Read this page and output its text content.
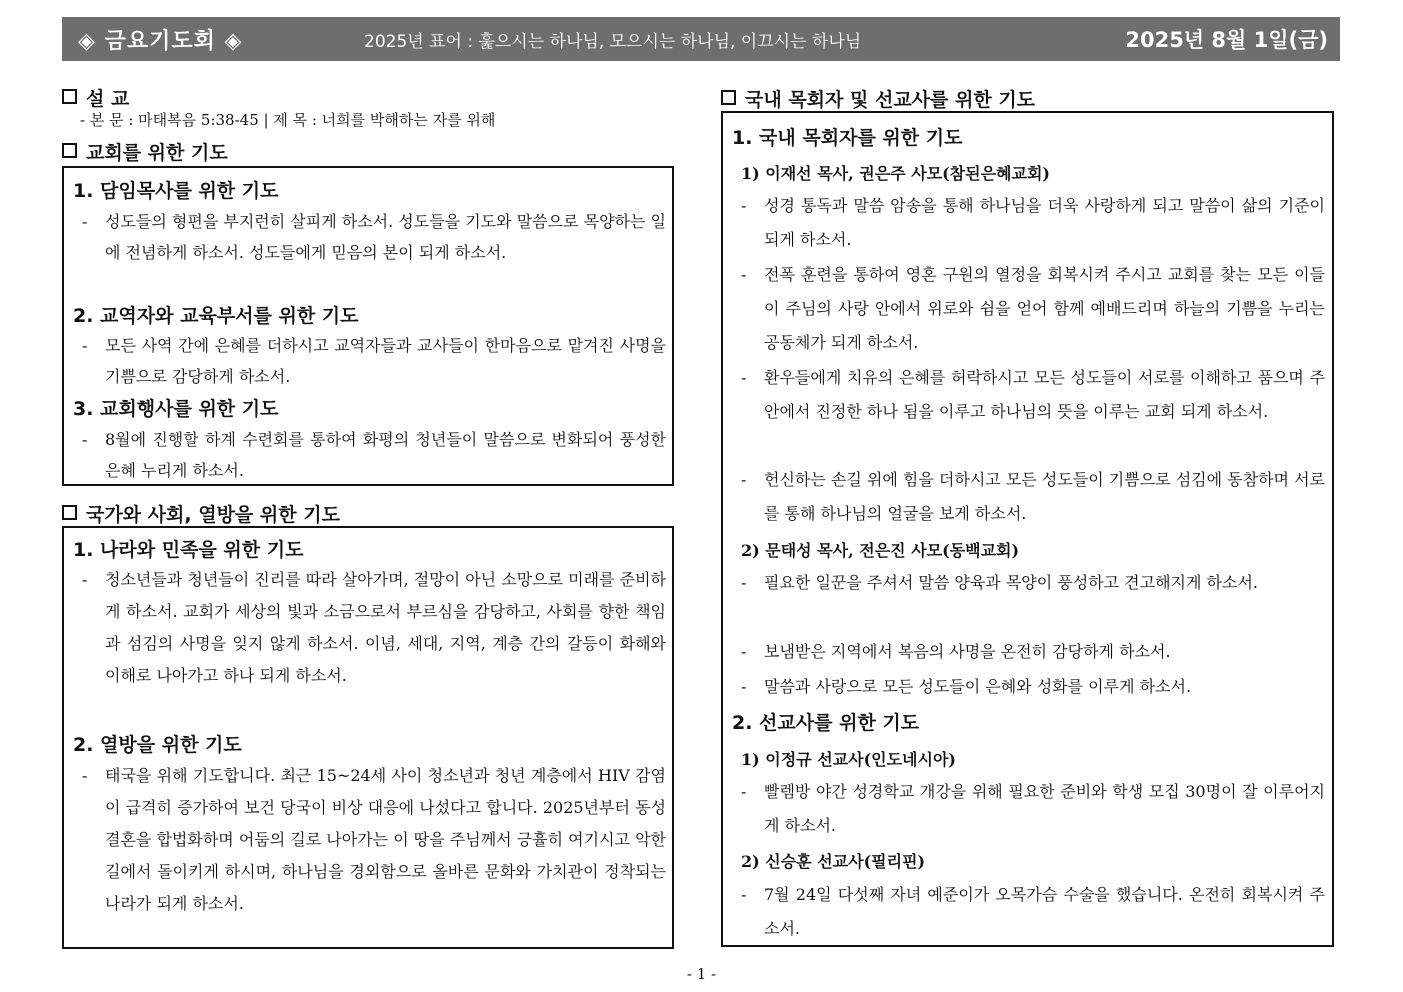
◈ 금요기도회 ◈	2025년 표어 : 훑으시는 하나님, 모으시는 하나님, 이끄시는 하나님	2025년 8월 1일(금)
설 교
- 본 문 : 마태복음 5:38-45 | 제 목 : 너희를 박해하는 자를 위해
교회를 위한 기도
1. 담임목사를 위한 기도
- 성도들의 형편을 부지런히 살피게 하소서. 성도들을 기도와 말씀으로 목양하는 일에 전념하게 하소서. 성도들에게 믿음의 본이 되게 하소서.
2. 교역자와 교육부서를 위한 기도
- 모든 사역 간에 은혜를 더하시고 교역자들과 교사들이 한마음으로 맡겨진 사명을 기쁨으로 감당하게 하소서.
3. 교회행사를 위한 기도
- 8월에 진행할 하계 수련회를 통하여 화평의 청년들이 말씀으로 변화되어 풍성한 은혜 누리게 하소서.
국가와 사회, 열방을 위한 기도
1. 나라와 민족을 위한 기도
- 청소년들과 청년들이 진리를 따라 살아가며, 절망이 아닌 소망으로 미래를 준비하게 하소서. 교회가 세상의 빛과 소금으로서 부르심을 감당하고, 사회를 향한 책임과 섬김의 사명을 잊지 않게 하소서. 이념, 세대, 지역, 계층 간의 갈등이 화해와 이해로 나아가고 하나 되게 하소서.
2. 열방을 위한 기도
- 태국을 위해 기도합니다. 최근 15~24세 사이 청소년과 청년 계층에서 HIV 감염이 급격히 증가하여 보건 당국이 비상 대응에 나섰다고 합니다. 2025년부터 동성결혼을 합법화하며 어둠의 길로 나아가는 이 땅을 주님께서 긍휼히 여기시고 악한 길에서 돌이키게 하시며, 하나님을 경외함으로 올바른 문화와 가치관이 정착되는 나라가 되게 하소서.
국내 목회자 및 선교사를 위한 기도
1. 국내 목회자를 위한 기도
1) 이재선 목사, 권은주 사모(참된은혜교회)
- 성경 통독과 말씀 암송을 통해 하나님을 더욱 사랑하게 되고 말씀이 삶의 기준이 되게 하소서.
- 전폭 훈련을 통하여 영혼 구원의 열정을 회복시켜 주시고 교회를 찾는 모든 이들이 주님의 사랑 안에서 위로와 쉼을 얻어 함께 예배드리며 하늘의 기쁨을 누리는 공동체가 되게 하소서.
- 환우들에게 치유의 은혜를 허락하시고 모든 성도들이 서로를 이해하고 품으며 주 안에서 진정한 하나 됨을 이루고 하나님의 뜻을 이루는 교회 되게 하소서.
- 헌신하는 손길 위에 힘을 더하시고 모든 성도들이 기쁨으로 섬김에 동참하며 서로를 통해 하나님의 얼굴을 보게 하소서.
2) 문태성 목사, 전은진 사모(동백교회)
- 필요한 일꾼을 주셔서 말씀 양육과 목양이 풍성하고 견고해지게 하소서.
- 보냄받은 지역에서 복음의 사명을 온전히 감당하게 하소서.
- 말씀과 사랑으로 모든 성도들이 은혜와 성화를 이루게 하소서.
2. 선교사를 위한 기도
1) 이정규 선교사(인도네시아)
- 빨렘방 야간 성경학교 개강을 위해 필요한 준비와 학생 모집 30명이 잘 이루어지게 하소서.
2) 신승훈 선교사(필리핀)
- 7월 24일 다섯째 자녀 예준이가 오목가슴 수술을 했습니다. 온전히 회복시켜 주소서.
- 1 -
